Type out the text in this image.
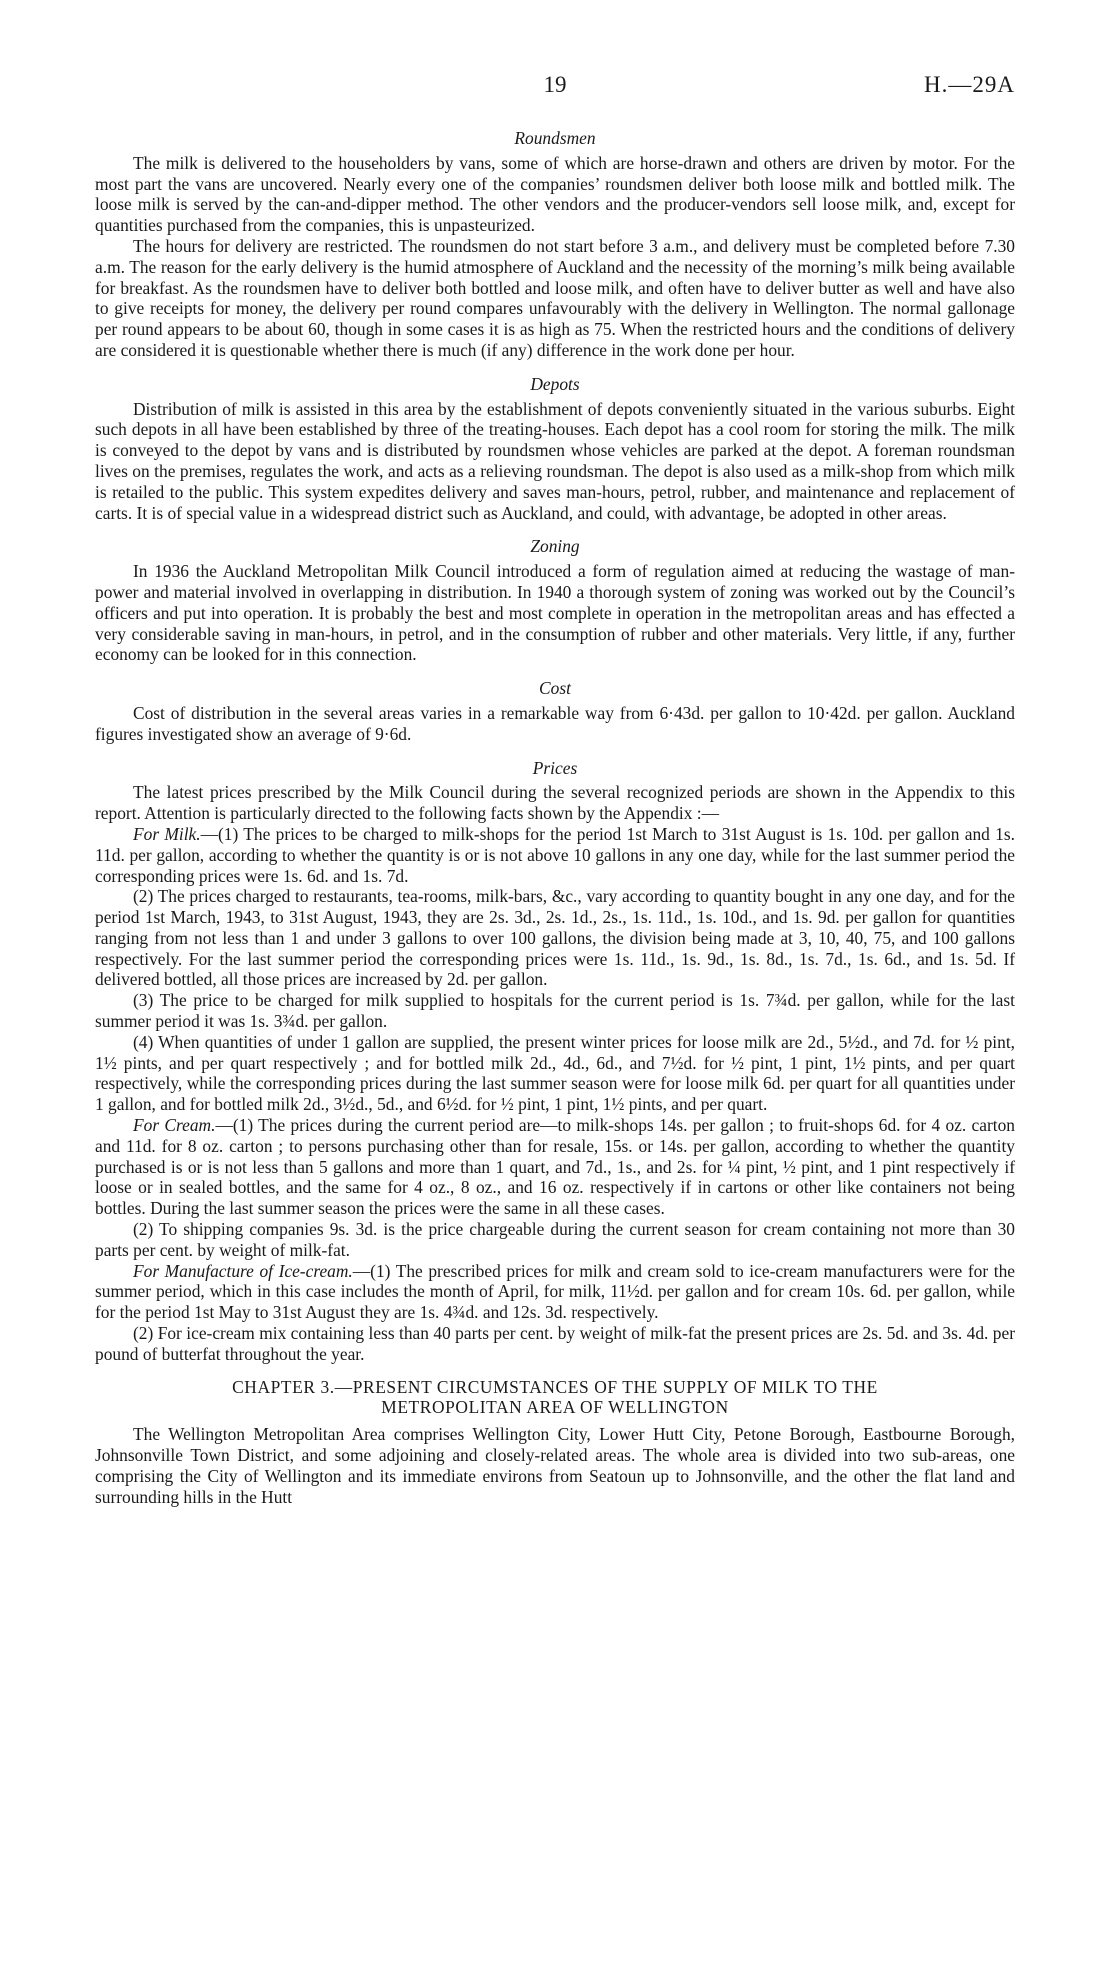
19	H.—29A
Roundsmen

The milk is delivered to the householders by vans, some of which are horse-drawn and others are driven by motor. For the most part the vans are uncovered. Nearly every one of the companies’ roundsmen deliver both loose milk and bottled milk. The loose milk is served by the can-and-dipper method. The other vendors and the producer-vendors sell loose milk, and, except for quantities purchased from the companies, this is unpasteurized.

The hours for delivery are restricted. The roundsmen do not start before 3 a.m., and delivery must be completed before 7.30 a.m. The reason for the early delivery is the humid atmosphere of Auckland and the necessity of the morning’s milk being available for breakfast. As the roundsmen have to deliver both bottled and loose milk, and often have to deliver butter as well and have also to give receipts for money, the delivery per round compares unfavourably with the delivery in Wellington. The normal gallonage per round appears to be about 60, though in some cases it is as high as 75. When the restricted hours and the conditions of delivery are considered it is questionable whether there is much (if any) difference in the work done per hour.

Depots

Distribution of milk is assisted in this area by the establishment of depots conveniently situated in the various suburbs. Eight such depots in all have been established by three of the treating-houses. Each depot has a cool room for storing the milk. The milk is conveyed to the depot by vans and is distributed by roundsmen whose vehicles are parked at the depot. A foreman roundsman lives on the premises, regulates the work, and acts as a relieving roundsman. The depot is also used as a milk-shop from which milk is retailed to the public. This system expedites delivery and saves man-hours, petrol, rubber, and maintenance and replacement of carts. It is of special value in a widespread district such as Auckland, and could, with advantage, be adopted in other areas.

Zoning

In 1936 the Auckland Metropolitan Milk Council introduced a form of regulation aimed at reducing the wastage of man-power and material involved in overlapping in distribution. In 1940 a thorough system of zoning was worked out by the Council’s officers and put into operation. It is probably the best and most complete in operation in the metropolitan areas and has effected a very considerable saving in man-hours, in petrol, and in the consumption of rubber and other materials. Very little, if any, further economy can be looked for in this connection.

Cost

Cost of distribution in the several areas varies in a remarkable way from 6·43d. per gallon to 10·42d. per gallon. Auckland figures investigated show an average of 9·6d.

Prices

The latest prices prescribed by the Milk Council during the several recognized periods are shown in the Appendix to this report. Attention is particularly directed to the following facts shown by the Appendix :—

For Milk.—(1) The prices to be charged to milk-shops for the period 1st March to 31st August is 1s. 10d. per gallon and 1s. 11d. per gallon, according to whether the quantity is or is not above 10 gallons in any one day, while for the last summer period the corresponding prices were 1s. 6d. and 1s. 7d.

(2) The prices charged to restaurants, tea-rooms, milk-bars, &c., vary according to quantity bought in any one day, and for the period 1st March, 1943, to 31st August, 1943, they are 2s. 3d., 2s. 1d., 2s., 1s. 11d., 1s. 10d., and 1s. 9d. per gallon for quantities ranging from not less than 1 and under 3 gallons to over 100 gallons, the division being made at 3, 10, 40, 75, and 100 gallons respectively. For the last summer period the corresponding prices were 1s. 11d., 1s. 9d., 1s. 8d., 1s. 7d., 1s. 6d., and 1s. 5d. If delivered bottled, all those prices are increased by 2d. per gallon.

(3) The price to be charged for milk supplied to hospitals for the current period is 1s. 7¾d. per gallon, while for the last summer period it was 1s. 3¾d. per gallon.

(4) When quantities of under 1 gallon are supplied, the present winter prices for loose milk are 2d., 5½d., and 7d. for ½ pint, 1½ pints, and per quart respectively ; and for bottled milk 2d., 4d., 6d., and 7½d. for ½ pint, 1 pint, 1½ pints, and per quart respectively, while the corresponding prices during the last summer season were for loose milk 6d. per quart for all quantities under 1 gallon, and for bottled milk 2d., 3½d., 5d., and 6½d. for ½ pint, 1 pint, 1½ pints, and per quart.

For Cream.—(1) The prices during the current period are—to milk-shops 14s. per gallon ; to fruit-shops 6d. for 4 oz. carton and 11d. for 8 oz. carton ; to persons purchasing other than for resale, 15s. or 14s. per gallon, according to whether the quantity purchased is or is not less than 5 gallons and more than 1 quart, and 7d., 1s., and 2s. for ¼ pint, ½ pint, and 1 pint respectively if loose or in sealed bottles, and the same for 4 oz., 8 oz., and 16 oz. respectively if in cartons or other like containers not being bottles. During the last summer season the prices were the same in all these cases.

(2) To shipping companies 9s. 3d. is the price chargeable during the current season for cream containing not more than 30 parts per cent. by weight of milk-fat.

For Manufacture of Ice-cream.—(1) The prescribed prices for milk and cream sold to ice-cream manufacturers were for the summer period, which in this case includes the month of April, for milk, 11½d. per gallon and for cream 10s. 6d. per gallon, while for the period 1st May to 31st August they are 1s. 4¾d. and 12s. 3d. respectively.

(2) For ice-cream mix containing less than 40 parts per cent. by weight of milk-fat the present prices are 2s. 5d. and 3s. 4d. per pound of butterfat throughout the year.

CHAPTER 3.—PRESENT CIRCUMSTANCES OF THE SUPPLY OF MILK TO THE
METROPOLITAN AREA OF WELLINGTON

The Wellington Metropolitan Area comprises Wellington City, Lower Hutt City, Petone Borough, Eastbourne Borough, Johnsonville Town District, and some adjoining and closely-related areas. The whole area is divided into two sub-areas, one comprising the City of Wellington and its immediate environs from Seatoun up to Johnsonville, and the other the flat land and surrounding hills in the Hutt
